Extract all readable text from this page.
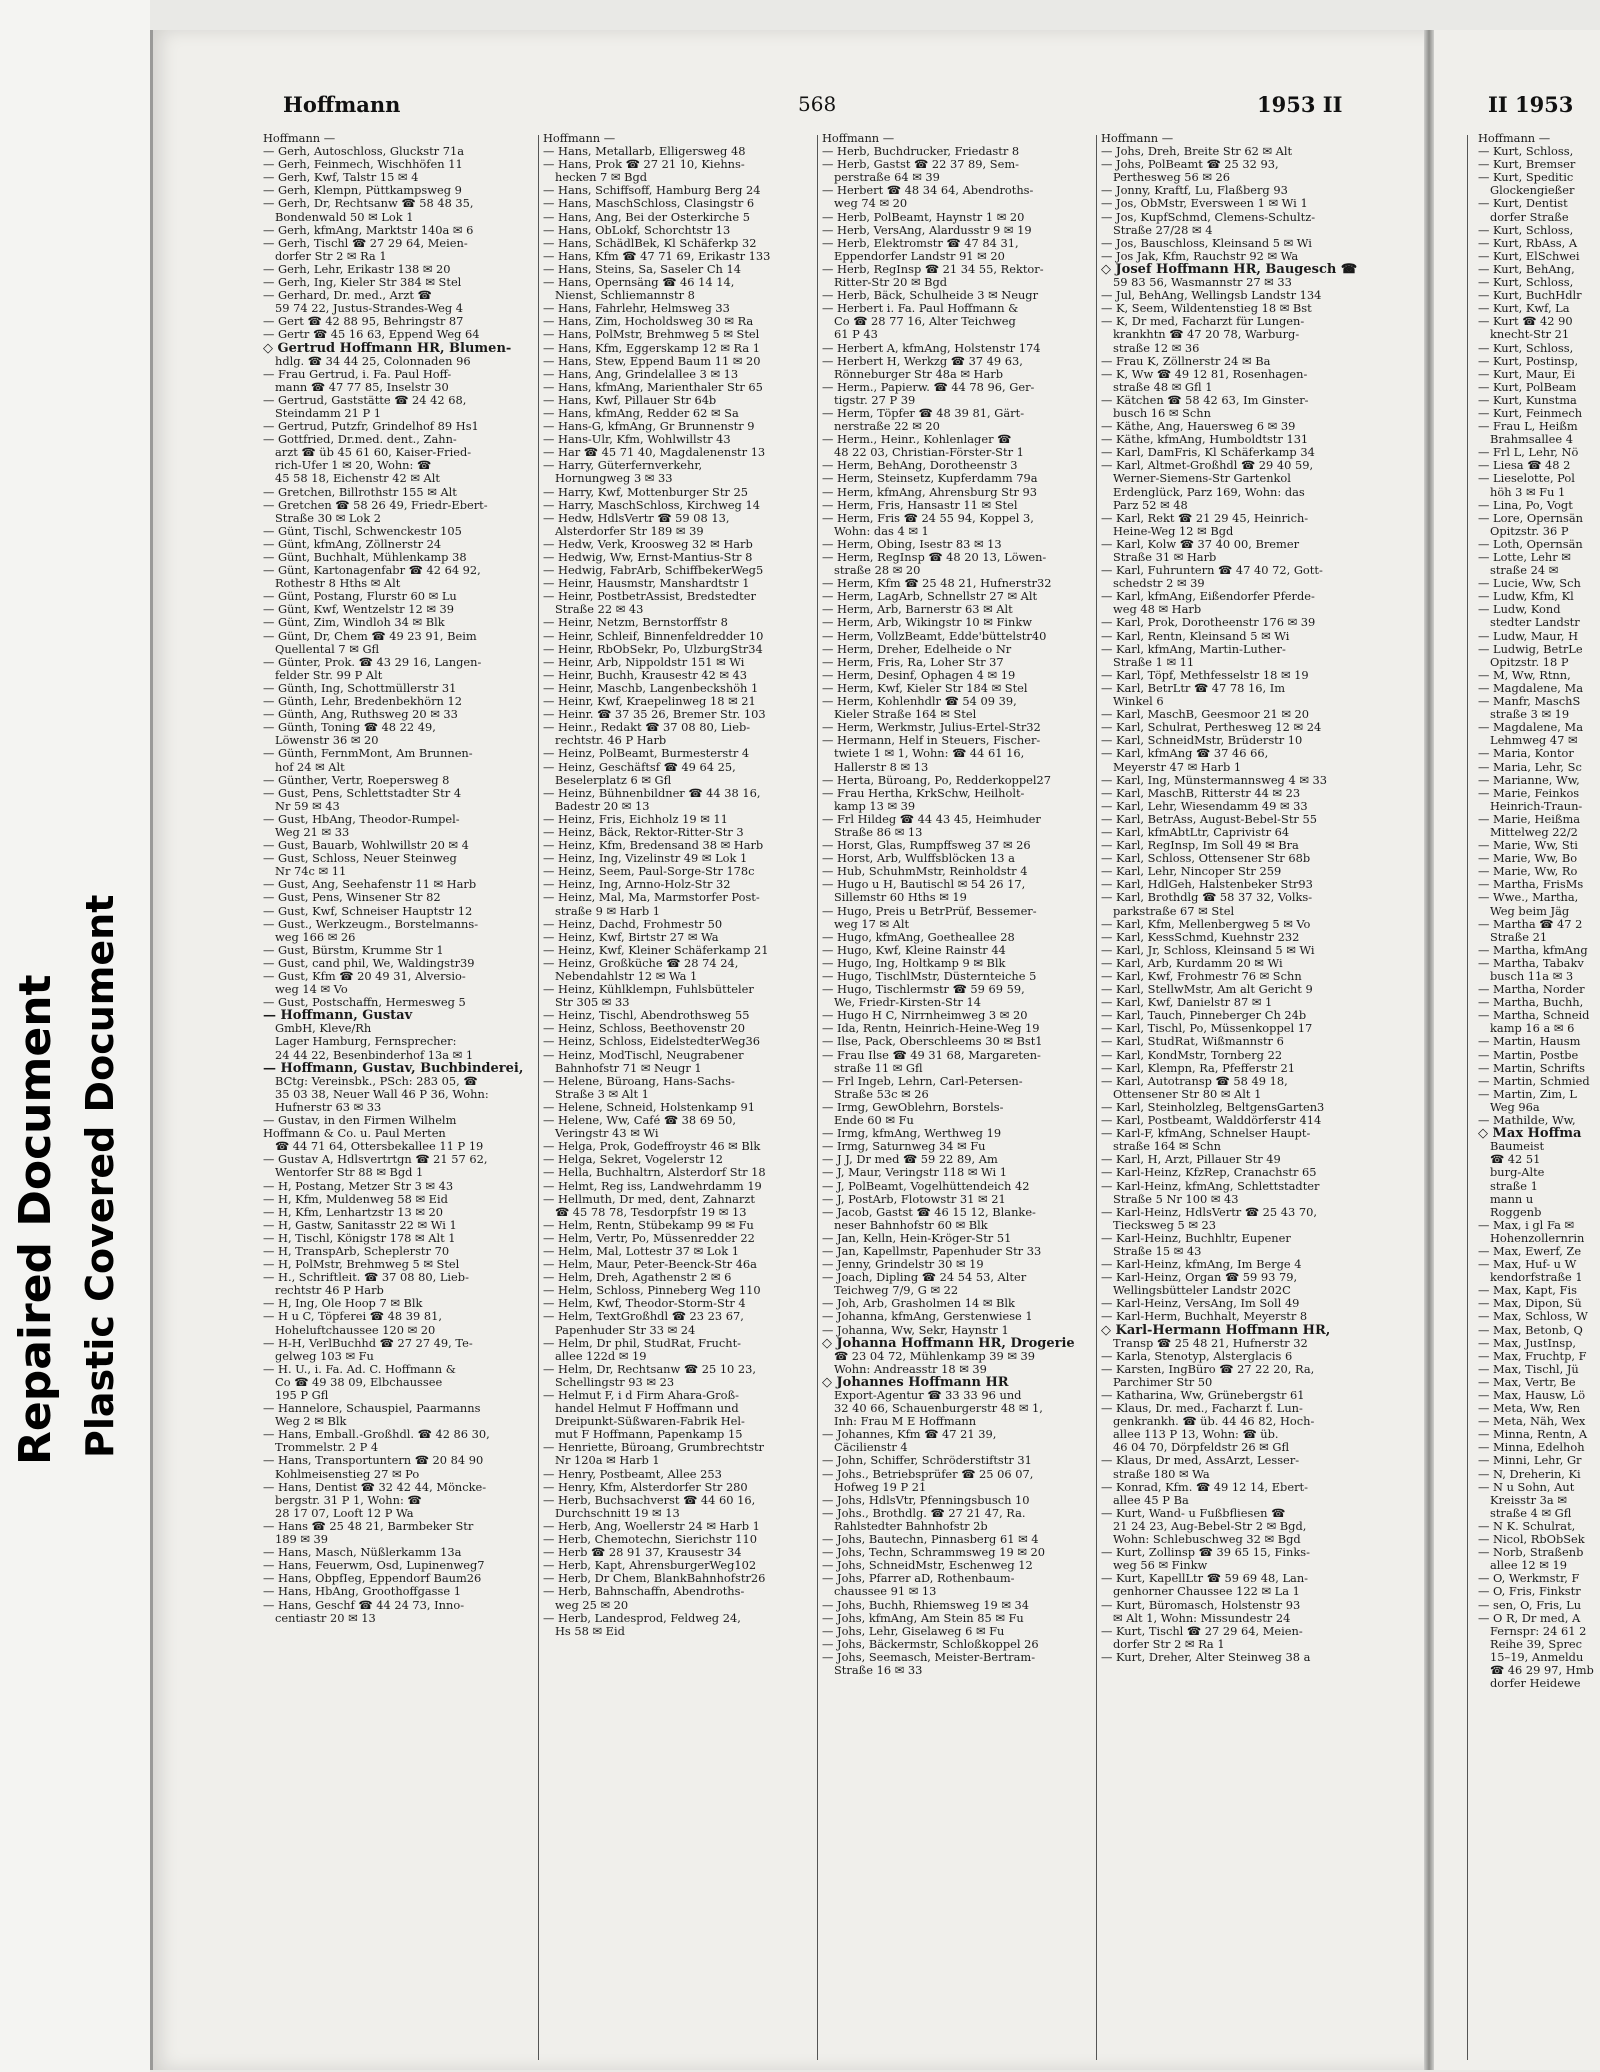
Repaired Document Plastic Covered Document
Hoffmann	568	1953 II	II 1953
Hoffmann —
— Gerh, Autoschloss, Gluckstr 71a
— Gerh, Feinmech, Wischhöfen 11
— Gerh, Kwf, Talstr 15 ✉ 4
— Gerh, Klempn, Püttkampsweg 9
— Gerh, Dr, Rechtsanw ☎ 58 48 35,
Bondenwald 50 ✉ Lok 1
— Gerh, kfmAng, Marktstr 140a ✉ 6
— Gerh, Tischl ☎ 27 29 64, Meien-
dorfer Str 2 ✉ Ra 1
— Gerh, Lehr, Erikastr 138 ✉ 20
— Gerh, Ing, Kieler Str 384 ✉ Stel
— Gerhard, Dr. med., Arzt ☎
59 74 22, Justus-Strandes-Weg 4
— Gert ☎ 42 88 95, Behringstr 87
— Gertr ☎ 45 16 63, Eppend Weg 64
◇ Gertrud Hoffmann HR, Blumen-
hdlg. ☎ 34 44 25, Colonnaden 96
— Frau Gertrud, i. Fa. Paul Hoff-
mann ☎ 47 77 85, Inselstr 30
— Gertrud, Gaststätte ☎ 24 42 68,
Steindamm 21 P 1
— Gertrud, Putzfr, Grindelhof 89 Hs1
— Gottfried, Dr.med. dent., Zahn-
arzt ☎ üb 45 61 60, Kaiser-Fried-
rich-Ufer 1 ✉ 20, Wohn: ☎
45 58 18, Eichenstr 42 ✉ Alt
— Gretchen, Billrothstr 155 ✉ Alt
— Gretchen ☎ 58 26 49, Friedr-Ebert-
Straße 30 ✉ Lok 2
— Günt, Tischl, Schwenckestr 105
— Günt, kfmAng, Zöllnerstr 24
— Günt, Buchhalt, Mühlenkamp 38
— Günt, Kartonagenfabr ☎ 42 64 92,
Rothestr 8 Hths ✉ Alt
— Günt, Postang, Flurstr 60 ✉ Lu
— Günt, Kwf, Wentzelstr 12 ✉ 39
— Günt, Zim, Windloh 34 ✉ Blk
— Günt, Dr, Chem ☎ 49 23 91, Beim
Quellental 7 ✉ Gfl
— Günter, Prok. ☎ 43 29 16, Langen-
felder Str. 99 P Alt
— Günth, Ing, Schottmüllerstr 31
— Günth, Lehr, Bredenbekhörn 12
— Günth, Ang, Ruthsweg 20 ✉ 33
— Günth, Toning ☎ 48 22 49,
Löwenstr 36 ✉ 20
— Günth, FernmMont, Am Brunnen-
hof 24 ✉ Alt
— Günther, Vertr, Roepersweg 8
— Gust, Pens, Schlettstadter Str 4
Nr 59 ✉ 43
— Gust, HbAng, Theodor-Rumpel-
Weg 21 ✉ 33
— Gust, Bauarb, Wohlwillstr 20 ✉ 4
— Gust, Schloss, Neuer Steinweg
Nr 74c ✉ 11
— Gust, Ang, Seehafenstr 11 ✉ Harb
— Gust, Pens, Winsener Str 82
— Gust, Kwf, Schneiser Hauptstr 12
— Gust., Werkzeugm., Borstelmanns-
weg 166 ✉ 26
— Gust, Bürstm, Krumme Str 1
— Gust, cand phil, We, Waldingstr39
— Gust, Kfm ☎ 20 49 31, Alversio-
weg 14 ✉ Vo
— Gust, Postschaffn, Hermesweg 5
— Hoffmann, Gustav
GmbH, Kleve/Rh
Lager Hamburg, Fernsprecher:
24 44 22, Besenbinderhof 13a ✉ 1
— Hoffmann, Gustav, Buchbinderei,
BCtg: Vereinsbk., PSch: 283 05, ☎
35 03 38, Neuer Wall 46 P 36, Wohn:
Hufnerstr 63 ✉ 33
— Gustav, in den Firmen Wilhelm
Hoffmann & Co. u. Paul Merten
☎ 44 71 64, Ottersbekallee 11 P 19
— Gustav A, Hdlsvertrtgn ☎ 21 57 62,
Wentorfer Str 88 ✉ Bgd 1
— H, Postang, Metzer Str 3 ✉ 43
— H, Kfm, Muldenweg 58 ✉ Eid
— H, Kfm, Lenhartzstr 13 ✉ 20
— H, Gastw, Sanitasstr 22 ✉ Wi 1
— H, Tischl, Königstr 178 ✉ Alt 1
— H, TranspArb, Scheplerstr 70
— H, PolMstr, Brehmweg 5 ✉ Stel
— H., Schriftleit. ☎ 37 08 80, Lieb-
rechtstr 46 P Harb
— H, Ing, Ole Hoop 7 ✉ Blk
— H u C, Töpferei ☎ 48 39 81,
Hoheluftchaussee 120 ✉ 20
— H-H, VerlBuchhd ☎ 27 27 49, Te-
gelweg 103 ✉ Fu
— H. U., i. Fa. Ad. C. Hoffmann &
Co ☎ 49 38 09, Elbchaussee
195 P Gfl
— Hannelore, Schauspiel, Paarmanns
Weg 2 ✉ Blk
— Hans, Emball.-Großhdl. ☎ 42 86 30,
Trommelstr. 2 P 4
— Hans, Transportuntern ☎ 20 84 90
Kohlmeisenstieg 27 ✉ Po
— Hans, Dentist ☎ 32 42 44, Möncke-
bergstr. 31 P 1, Wohn: ☎
28 17 07, Looft 12 P Wa
— Hans ☎ 25 48 21, Barmbeker Str
189 ✉ 39
— Hans, Masch, Nüßlerkamm 13a
— Hans, Feuerwm, Osd, Lupinenweg7
— Hans, ObpfIeg, Eppendorf Baum26
— Hans, HbAng, Groothoffgasse 1
— Hans, Geschf ☎ 44 24 73, Inno-
centiastr 20 ✉ 13
Hoffmann —
— Hans, Metallarb, Elligersweg 48
— Hans, Prok ☎ 27 21 10, Kiehns-
hecken 7 ✉ Bgd
— Hans, Schiffsoff, Hamburg Berg 24
— Hans, MaschSchloss, Clasingstr 6
— Hans, Ang, Bei der Osterkirche 5
— Hans, ObLokf, Schorchtstr 13
— Hans, SchädlBek, Kl Schäferkp 32
— Hans, Kfm ☎ 47 71 69, Erikastr 133
— Hans, Steins, Sa, Saseler Ch 14
— Hans, Opernsäng ☎ 46 14 14,
Nienst, Schliemannstr 8
— Hans, Fahrlehr, Helmsweg 33
— Hans, Zim, Hocholdsweg 30 ✉ Ra
— Hans, PolMstr, Brehmweg 5 ✉ Stel
— Hans, Kfm, Eggerskamp 12 ✉ Ra 1
— Hans, Stew, Eppend Baum 11 ✉ 20
— Hans, Ang, Grindelallee 3 ✉ 13
— Hans, kfmAng, Marienthaler Str 65
— Hans, Kwf, Pillauer Str 64b
— Hans, kfmAng, Redder 62 ✉ Sa
— Hans-G, kfmAng, Gr Brunnenstr 9
— Hans-Ulr, Kfm, Wohlwillstr 43
— Har ☎ 45 71 40, Magdalenenstr 13
— Harry, Güterfernverkehr,
Hornungweg 3 ✉ 33
— Harry, Kwf, Mottenburger Str 25
— Harry, MaschSchloss, Kirchweg 14
— Hedw, HdlsVertr ☎ 59 08 13,
Alsterdorfer Str 189 ✉ 39
— Hedw, Verk, Kroosweg 32 ✉ Harb
— Hedwig, Ww, Ernst-Mantius-Str 8
— Hedwig, FabrArb, SchiffbekerWeg5
— Heinr, Hausmstr, Manshardtstr 1
— Heinr, PostbetrAssist, Bredstedter
Straße 22 ✉ 43
— Heinr, Netzm, Bernstorffstr 8
— Heinr, Schleif, Binnenfeldredder 10
— Heinr, RbObSekr, Po, UlzburgStr34
— Heinr, Arb, Nippoldstr 151 ✉ Wi
— Heinr, Buchh, Krausestr 42 ✉ 43
— Heinr, Maschb, Langenbeckshöh 1
— Heinr, Kwf, Kraepelinweg 18 ✉ 21
— Heinr. ☎ 37 35 26, Bremer Str. 103
— Heinr., Redakt ☎ 37 08 80, Lieb-
rechtstr. 46 P Harb
— Heinz, PolBeamt, Burmesterstr 4
— Heinz, Geschäftsf ☎ 49 64 25,
Beselerplatz 6 ✉ Gfl
— Heinz, Bühnenbildner ☎ 44 38 16,
Badestr 20 ✉ 13
— Heinz, Fris, Eichholz 19 ✉ 11
— Heinz, Bäck, Rektor-Ritter-Str 3
— Heinz, Kfm, Bredensand 38 ✉ Harb
— Heinz, Ing, Vizelinstr 49 ✉ Lok 1
— Heinz, Seem, Paul-Sorge-Str 178c
— Heinz, Ing, Arnno-Holz-Str 32
— Heinz, Mal, Ma, Marmstorfer Post-
straße 9 ✉ Harb 1
— Heinz, Dachd, Frohmestr 50
— Heinz, Kwf, Birtstr 27 ✉ Wa
— Heinz, Kwf, Kleiner Schäferkamp 21
— Heinz, Großküche ☎ 28 74 24,
Nebendahlstr 12 ✉ Wa 1
— Heinz, Kühlklempn, Fuhlsbütteler
Str 305 ✉ 33
— Heinz, Tischl, Abendrothsweg 55
— Heinz, Schloss, Beethovenstr 20
— Heinz, Schloss, EidelstedterWeg36
— Heinz, ModTischl, Neugrabener
Bahnhofstr 71 ✉ Neugr 1
— Helene, Büroang, Hans-Sachs-
Straße 3 ✉ Alt 1
— Helene, Schneid, Holstenkamp 91
— Helene, Ww, Café ☎ 38 69 50,
Veringstr 43 ✉ Wi
— Helga, Prok, Godeffroystr 46 ✉ Blk
— Helga, Sekret, Vogelerstr 12
— Hella, Buchhaltrn, Alsterdorf Str 18
— Helmt, Reg iss, Landwehrdamm 19
— Hellmuth, Dr med, dent, Zahnarzt
☎ 45 78 78, Tesdorpfstr 19 ✉ 13
— Helm, Rentn, Stübekamp 99 ✉ Fu
— Helm, Vertr, Po, Müssenredder 22
— Helm, Mal, Lottestr 37 ✉ Lok 1
— Helm, Maur, Peter-Beenck-Str 46a
— Helm, Dreh, Agathenstr 2 ✉ 6
— Helm, Schloss, Pinneberg Weg 110
— Helm, Kwf, Theodor-Storm-Str 4
— Helm, TextGroßhdl ☎ 23 23 67,
Papenhuder Str 33 ✉ 24
— Helm, Dr phil, StudRat, Frucht-
allee 122d ✉ 19
— Helm, Dr, Rechtsanw ☎ 25 10 23,
Schellingstr 93 ✉ 23
— Helmut F, i d Firm Ahara-Groß-
handel Helmut F Hoffmann und
Dreipunkt-Süßwaren-Fabrik Hel-
mut F Hoffmann, Papenkamp 15
— Henriette, Büroang, Grumbrechtstr
Nr 120a ✉ Harb 1
— Henry, Postbeamt, Allee 253
— Henry, Kfm, Alsterdorfer Str 280
— Herb, Buchsachverst ☎ 44 60 16,
Durchschnitt 19 ✉ 13
— Herb, Ang, Woellerstr 24 ✉ Harb 1
— Herb, Chemotechn, Sierichstr 110
— Herb ☎ 28 91 37, Krausestr 34
— Herb, Kapt, AhrensburgerWeg102
— Herb, Dr Chem, BlankBahnhofstr26
— Herb, Bahnschaffn, Abendroths-
weg 25 ✉ 20
— Herb, Landesprod, Feldweg 24,
Hs 58 ✉ Eid
Hoffmann —
— Herb, Buchdrucker, Friedastr 8
— Herb, Gastst ☎ 22 37 89, Sem-
perstraße 64 ✉ 39
— Herbert ☎ 48 34 64, Abendroths-
weg 74 ✉ 20
— Herb, PolBeamt, Haynstr 1 ✉ 20
— Herb, VersAng, Alardusstr 9 ✉ 19
— Herb, Elektromstr ☎ 47 84 31,
Eppendorfer Landstr 91 ✉ 20
— Herb, RegInsp ☎ 21 34 55, Rektor-
Ritter-Str 20 ✉ Bgd
— Herb, Bäck, Schulheide 3 ✉ Neugr
— Herbert i. Fa. Paul Hoffmann &
Co ☎ 28 77 16, Alter Teichweg
61 P 43
— Herbert A, kfmAng, Holstenstr 174
— Herbert H, Werkzg ☎ 37 49 63,
Rönneburger Str 48a ✉ Harb
— Herm., Papierw. ☎ 44 78 96, Ger-
tigstr. 27 P 39
— Herm, Töpfer ☎ 48 39 81, Gärt-
nerstraße 22 ✉ 20
— Herm., Heinr., Kohlenlager ☎
48 22 03, Christian-Förster-Str 1
— Herm, BehAng, Dorotheenstr 3
— Herm, Steinsetz, Kupferdamm 79a
— Herm, kfmAng, Ahrensburg Str 93
— Herm, Fris, Hansastr 11 ✉ Stel
— Herm, Fris ☎ 24 55 94, Koppel 3,
Wohn: das 4 ✉ 1
— Herm, Obing, Isestr 83 ✉ 13
— Herm, RegInsp ☎ 48 20 13, Löwen-
straße 28 ✉ 20
— Herm, Kfm ☎ 25 48 21, Hufnerstr32
— Herm, LagArb, Schnellstr 27 ✉ Alt
— Herm, Arb, Barnerstr 63 ✉ Alt
— Herm, Arb, Wikingstr 10 ✉ Finkw
— Herm, VollzBeamt, Edde'büttelstr40
— Herm, Dreher, Edelheide o Nr
— Herm, Fris, Ra, Loher Str 37
— Herm, Desinf, Ophagen 4 ✉ 19
— Herm, Kwf, Kieler Str 184 ✉ Stel
— Herm, Kohlenhdlr ☎ 54 09 39,
Kieler Straße 164 ✉ Stel
— Herm, Werkmstr, Julius-Ertel-Str32
— Hermann, Helf in Steuers, Fischer-
twiete 1 ✉ 1, Wohn: ☎ 44 61 16,
Hallerstr 8 ✉ 13
— Herta, Büroang, Po, Redderkoppel27
— Frau Hertha, KrkSchw, Heilholt-
kamp 13 ✉ 39
— Frl Hildeg ☎ 44 43 45, Heimhuder
Straße 86 ✉ 13
— Horst, Glas, Rumpffsweg 37 ✉ 26
— Horst, Arb, Wulffsblöcken 13 a
— Hub, SchuhmMstr, Reinholdstr 4
— Hugo u H, Bautischl ✉ 54 26 17,
Sillemstr 60 Hths ✉ 19
— Hugo, Preis u BetrPrüf, Bessemer-
weg 17 ✉ Alt
— Hugo, kfmAng, Goetheallee 28
— Hugo, Kwf, Kleine Rainstr 44
— Hugo, Ing, Holtkamp 9 ✉ Blk
— Hugo, TischlMstr, Düsternteiche 5
— Hugo, Tischlermstr ☎ 59 69 59,
We, Friedr-Kirsten-Str 14
— Hugo H C, Nirrnheimweg 3 ✉ 20
— Ida, Rentn, Heinrich-Heine-Weg 19
— Ilse, Pack, Oberschleems 30 ✉ Bst1
— Frau Ilse ☎ 49 31 68, Margareten-
straße 11 ✉ Gfl
— Frl Ingeb, Lehrn, Carl-Petersen-
Straße 53c ✉ 26
— Irmg, GewOblehrn, Borstels-
Ende 60 ✉ Fu
— Irmg, kfmAng, Werthweg 19
— Irmg, Saturnweg 34 ✉ Fu
— J J, Dr med ☎ 59 22 89, Am
— J, Maur, Veringstr 118 ✉ Wi 1
— J, PolBeamt, Vogelhüttendeich 42
— J, PostArb, Flotowstr 31 ✉ 21
— Jacob, Gastst ☎ 46 15 12, Blanke-
neser Bahnhofstr 60 ✉ Blk
— Jan, Kelln, Hein-Kröger-Str 51
— Jan, Kapellmstr, Papenhuder Str 33
— Jenny, Grindelstr 30 ✉ 19
— Joach, Dipling ☎ 24 54 53, Alter
Teichweg 7/9, G ✉ 22
— Joh, Arb, Grasholmen 14 ✉ Blk
— Johanna, kfmAng, Gerstenwiese 1
— Johanna, Ww, Sekr, Haynstr 1
◇ Johanna Hoffmann HR, Drogerie
☎ 23 04 72, Mühlenkamp 39 ✉ 39
Wohn: Andreasstr 18 ✉ 39
◇ Johannes Hoffmann HR
Export-Agentur ☎ 33 33 96 und
32 40 66, Schauenburgerstr 48 ✉ 1,
Inh: Frau M E Hoffmann
— Johannes, Kfm ☎ 47 21 39,
Cäcilienstr 4
— John, Schiffer, Schröderstiftstr 31
— Johs., Betriebsprüfer ☎ 25 06 07,
Hofweg 19 P 21
— Johs, HdlsVtr, Pfenningsbusch 10
— Johs., Brothdlg. ☎ 27 21 47, Ra.
Rahlstedter Bahnhofstr 2b
— Johs, Bautechn, Pinnasberg 61 ✉ 4
— Johs, Techn, Schrammsweg 19 ✉ 20
— Johs, SchneidMstr, Eschenweg 12
— Johs, Pfarrer aD, Rothenbaum-
chaussee 91 ✉ 13
— Johs, Buchh, Rhiemsweg 19 ✉ 34
— Johs, kfmAng, Am Stein 85 ✉ Fu
— Johs, Lehr, Giselaweg 6 ✉ Fu
— Johs, Bäckermstr, Schloßkoppel 26
— Johs, Seemasch, Meister-Bertram-
Straße 16 ✉ 33
Hoffmann —
— Johs, Dreh, Breite Str 62 ✉ Alt
— Johs, PolBeamt ☎ 25 32 93,
Perthesweg 56 ✉ 26
— Jonny, Kraftf, Lu, Flaßberg 93
— Jos, ObMstr, Eversween 1 ✉ Wi 1
— Jos, KupfSchmd, Clemens-Schultz-
Straße 27/28 ✉ 4
— Jos, Bauschloss, Kleinsand 5 ✉ Wi
— Jos Jak, Kfm, Rauchstr 92 ✉ Wa
◇ Josef Hoffmann HR, Baugesch ☎
59 83 56, Wasmannstr 27 ✉ 33
— Jul, BehAng, Wellingsb Landstr 134
— K, Seem, Wildentenstieg 18 ✉ Bst
— K, Dr med, Facharzt für Lungen-
krankhtn ☎ 47 20 78, Warburg-
straße 12 ✉ 36
— Frau K, Zöllnerstr 24 ✉ Ba
— K, Ww ☎ 49 12 81, Rosenhagen-
straße 48 ✉ Gfl 1
— Kätchen ☎ 58 42 63, Im Ginster-
busch 16 ✉ Schn
— Käthe, Ang, Hauersweg 6 ✉ 39
— Käthe, kfmAng, Humboldtstr 131
— Karl, DamFris, Kl Schäferkamp 34
— Karl, Altmet-Großhdl ☎ 29 40 59,
Werner-Siemens-Str Gartenkol
Erdenglück, Parz 169, Wohn: das
Parz 52 ✉ 48
— Karl, Rekt ☎ 21 29 45, Heinrich-
Heine-Weg 12 ✉ Bgd
— Karl, Kolw ☎ 37 40 00, Bremer
Straße 31 ✉ Harb
— Karl, Fuhruntern ☎ 47 40 72, Gott-
schedstr 2 ✉ 39
— Karl, kfmAng, Eißendorfer Pferde-
weg 48 ✉ Harb
— Karl, Prok, Dorotheenstr 176 ✉ 39
— Karl, Rentn, Kleinsand 5 ✉ Wi
— Karl, kfmAng, Martin-Luther-
Straße 1 ✉ 11
— Karl, Töpf, Methfesselstr 18 ✉ 19
— Karl, BetrLtr ☎ 47 78 16, Im
Winkel 6
— Karl, MaschB, Geesmoor 21 ✉ 20
— Karl, Schulrat, Perthesweg 12 ✉ 24
— Karl, SchneidMstr, Brüderstr 10
— Karl, kfmAng ☎ 37 46 66,
Meyerstr 47 ✉ Harb 1
— Karl, Ing, Münstermannsweg 4 ✉ 33
— Karl, MaschB, Ritterstr 44 ✉ 23
— Karl, Lehr, Wiesendamm 49 ✉ 33
— Karl, BetrAss, August-Bebel-Str 55
— Karl, kfmAbtLtr, Caprivistr 64
— Karl, RegInsp, Im Soll 49 ✉ Bra
— Karl, Schloss, Ottensener Str 68b
— Karl, Lehr, Nincoper Str 259
— Karl, HdlGeh, Halstenbeker Str93
— Karl, Brothdlg ☎ 58 37 32, Volks-
parkstraße 67 ✉ Stel
— Karl, Kfm, Mellenbergweg 5 ✉ Vo
— Karl, KessSchmd, Kuehnstr 232
— Karl, Jr, Schloss, Kleinsand 5 ✉ Wi
— Karl, Arb, Kurdamm 20 ✉ Wi
— Karl, Kwf, Frohmestr 76 ✉ Schn
— Karl, StellwMstr, Am alt Gericht 9
— Karl, Kwf, Danielstr 87 ✉ 1
— Karl, Tauch, Pinneberger Ch 24b
— Karl, Tischl, Po, Müssenkoppel 17
— Karl, StudRat, Wißmannstr 6
— Karl, KondMstr, Tornberg 22
— Karl, Klempn, Ra, Pfefferstr 21
— Karl, Autotransp ☎ 58 49 18,
Ottensener Str 80 ✉ Alt 1
— Karl, Steinholzleg, BeltgensGarten3
— Karl, Postbeamt, Walddörferstr 414
— Karl-F, kfmAng, Schnelser Haupt-
straße 164 ✉ Schn
— Karl, H, Arzt, Pillauer Str 49
— Karl-Heinz, KfzRep, Cranachstr 65
— Karl-Heinz, kfmAng, Schlettstadter
Straße 5 Nr 100 ✉ 43
— Karl-Heinz, HdlsVertr ☎ 25 43 70,
Tiecksweg 5 ✉ 23
— Karl-Heinz, Buchhltr, Eupener
Straße 15 ✉ 43
— Karl-Heinz, kfmAng, Im Berge 4
— Karl-Heinz, Organ ☎ 59 93 79,
Wellingsbütteler Landstr 202C
— Karl-Heinz, VersAng, Im Soll 49
— Karl-Herm, Buchhalt, Meyerstr 8
◇ Karl-Hermann Hoffmann HR,
Transp ☎ 25 48 21, Hufnerstr 32
— Karla, Stenotyp, Alsterglacis 6
— Karsten, IngBüro ☎ 27 22 20, Ra,
Parchimer Str 50
— Katharina, Ww, Grünebergstr 61
— Klaus, Dr. med., Facharzt f. Lun-
genkrankh. ☎ üb. 44 46 82, Hoch-
allee 113 P 13, Wohn: ☎ üb.
46 04 70, Dörpfeldstr 26 ✉ Gfl
— Klaus, Dr med, AssArzt, Lesser-
straße 180 ✉ Wa
— Konrad, Kfm. ☎ 49 12 14, Ebert-
allee 45 P Ba
— Kurt, Wand- u Fußbfliesen ☎
21 24 23, Aug-Bebel-Str 2 ✉ Bgd,
Wohn: Schlebuschweg 32 ✉ Bgd
— Kurt, Zollinsp ☎ 39 65 15, Finks-
weg 56 ✉ Finkw
— Kurt, KapellLtr ☎ 59 69 48, Lan-
genhorner Chaussee 122 ✉ La 1
— Kurt, Büromasch, Holstenstr 93
✉ Alt 1, Wohn: Missundestr 24
— Kurt, Tischl ☎ 27 29 64, Meien-
dorfer Str 2 ✉ Ra 1
— Kurt, Dreher, Alter Steinweg 38 a
Hoffmann —
— Kurt, Schloss,
— Kurt, Bremser
— Kurt, Speditic
Glockengießer
— Kurt, Dentist
dorfer Straße
— Kurt, Schloss,
— Kurt, RbAss, A
— Kurt, ElSchwei
— Kurt, BehAng,
— Kurt, Schloss,
— Kurt, BuchHdlr
— Kurt, Kwf, La
— Kurt ☎ 42 90
knecht-Str 21
— Kurt, Schloss,
— Kurt, Postinsp,
— Kurt, Maur, Ei
— Kurt, PolBeam
— Kurt, Kunstma
— Kurt, Feinmech
— Frau L, Heißm
Brahmsallee 4
— Frl L, Lehr, Nö
— Liesa ☎ 48 2
— Lieselotte, Pol
höh 3 ✉ Fu 1
— Lina, Po, Vogt
— Lore, Opernsän
Opitzstr. 36 P
— Loth, Opernsän
— Lotte, Lehr ✉
straße 24 ✉
— Lucie, Ww, Sch
— Ludw, Kfm, Kl
— Ludw, Kond
stedter Landstr
— Ludw, Maur, H
— Ludwig, BetrLe
Opitzstr. 18 P
— M, Ww, Rtnn,
— Magdalene, Ma
— Manfr, MaschS
straße 3 ✉ 19
— Magdalene, Ma
Lehmweg 47 ✉
— Maria, Kontor
— Maria, Lehr, Sc
— Marianne, Ww,
— Marie, Feinkos
Heinrich-Traun-
— Marie, Heißma
Mittelweg 22/2
— Marie, Ww, Sti
— Marie, Ww, Bo
— Marie, Ww, Ro
— Martha, FrisMs
— Wwe., Martha,
Weg beim Jäg
— Martha ☎ 47 2
Straße 21
— Martha, kfmAng
— Martha, Tabakv
busch 11a ✉ 3
— Martha, Norder
— Martha, Buchh,
— Martha, Schneid
kamp 16 a ✉ 6
— Martin, Hausm
— Martin, Postbe
— Martin, Schrifts
— Martin, Schmied
— Martin, Zim, L
Weg 96a
— Mathilde, Ww,
◇ Max Hoffma
Baumeist
☎ 42 51
burg-Alte
straße 1
mann u
Roggenb
— Max, i gl Fa ✉
Hohenzollernrin
— Max, Ewerf, Ze
— Max, Huf- u W
kendorfstraße 1
— Max, Kapt, Fis
— Max, Dipon, Sü
— Max, Schloss, W
— Max, Betonb, Q
— Max, JustInsp,
— Max, Fruchtp, F
— Max, Tischl, Jü
— Max, Vertr, Be
— Max, Hausw, Lö
— Meta, Ww, Ren
— Meta, Näh, Wex
— Minna, Rentn, A
— Minna, Edelhoh
— Minni, Lehr, Gr
— N, Dreherin, Ki
— N u Sohn, Aut
Kreisstr 3a ✉
straße 4 ✉ Gfl
— N K. Schulrat,
— Nicol, RbObSek
— Norb, Straßenb
allee 12 ✉ 19
— O, Werkmstr, F
— O, Fris, Finkstr
— sen, O, Fris, Lu
— O R, Dr med, A
Fernspr: 24 61 2
Reihe 39, Sprec
15–19, Anmeldu
☎ 46 29 97, Hmb
dorfer Heidewe
